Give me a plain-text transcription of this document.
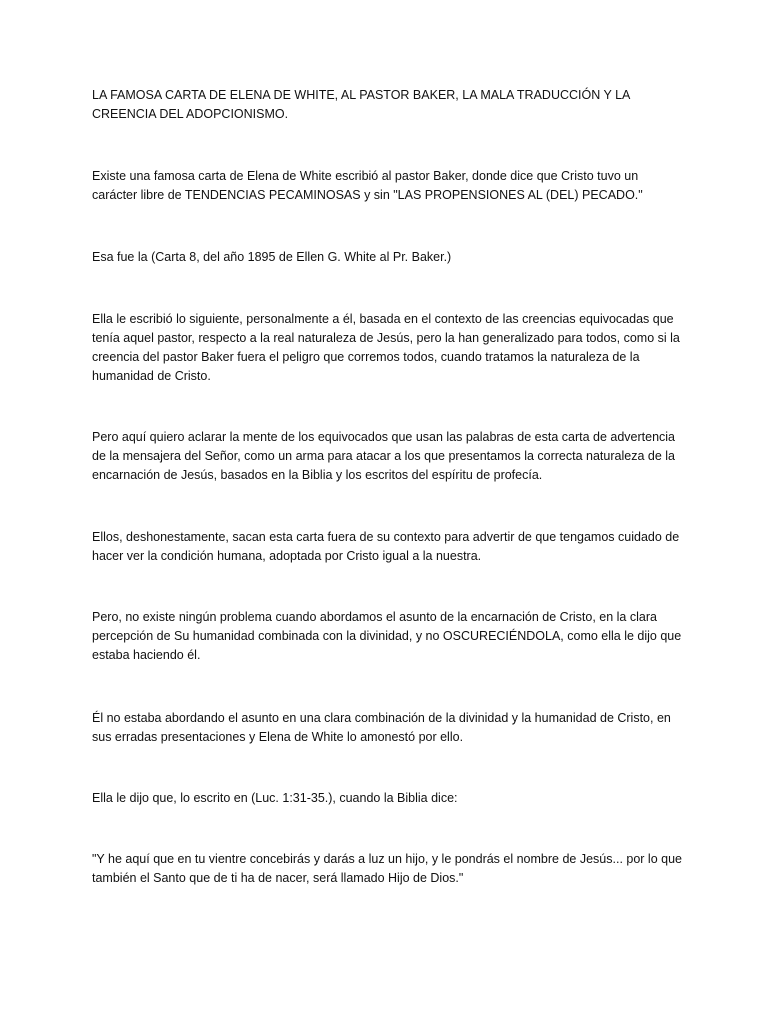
LA FAMOSA CARTA DE ELENA DE WHITE, AL PASTOR BAKER, LA MALA TRADUCCIÓN Y LA CREENCIA DEL ADOPCIONISMO.

Existe una famosa carta de Elena de White escribió al pastor Baker, donde dice que Cristo tuvo un carácter libre de TENDENCIAS PECAMINOSAS y sin "LAS PROPENSIONES AL (DEL) PECADO."

Esa fue la (Carta 8, del año 1895 de Ellen G. White al Pr. Baker.)

Ella le escribió lo siguiente, personalmente a él, basada en el contexto de las creencias equivocadas que tenía aquel pastor, respecto a la real naturaleza de Jesús, pero la han generalizado para todos, como si la creencia del pastor Baker fuera el peligro que corremos todos, cuando tratamos la naturaleza de la humanidad de Cristo.

Pero aquí quiero aclarar la mente de los equivocados que usan las palabras de esta carta de advertencia de la mensajera del Señor, como un arma para atacar a los que presentamos la correcta naturaleza de la encarnación de Jesús, basados en la Biblia y los escritos del espíritu de profecía.

Ellos, deshonestamente, sacan esta carta fuera de su contexto para advertir de que tengamos cuidado de hacer ver la condición humana, adoptada por Cristo igual a la nuestra.

Pero, no existe ningún problema cuando abordamos el asunto de la encarnación de Cristo, en la clara percepción de Su humanidad combinada con la divinidad, y no OSCURECIÉNDOLA, como ella le dijo que estaba haciendo él.

Él no estaba abordando el asunto en una clara combinación de la divinidad y la humanidad de Cristo, en sus erradas presentaciones y Elena de White lo amonestó por ello.

Ella le dijo que, lo escrito en (Luc. 1:31-35.), cuando la Biblia dice:

"Y he aquí que en tu vientre concebirás y darás a luz un hijo, y le pondrás el nombre de Jesús... por lo que también el Santo que de ti ha de nacer, será llamado Hijo de Dios."
